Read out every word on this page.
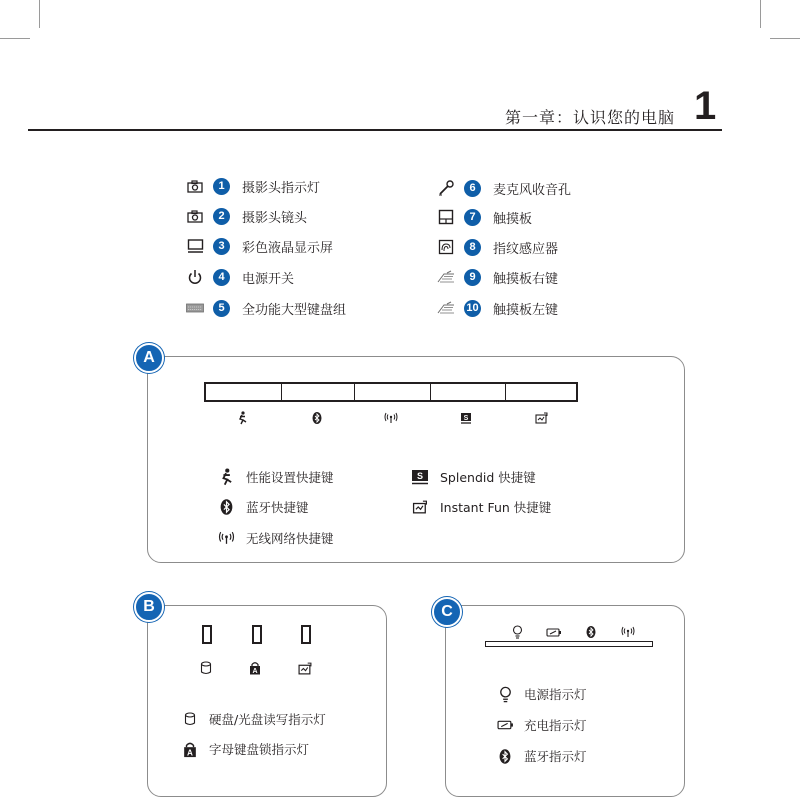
第一章：认识您的电脑 1
1	摄影头指示灯
2	摄影头镜头
3	彩色液晶显示屏
4	电源开关
5	全功能大型键盘组
6	麦克风收音孔
7	触摸板
8	指纹感应器
9	触摸板右键
10 触摸板左键
A
S
性能设置快捷键
蓝牙快捷键
无线网络快捷键
S Splendid 快捷键
Instant Fun 快捷键
B
A
硬盘/光盘读写指示灯
A 字母键盘锁指示灯
C
电源指示灯
充电指示灯
蓝牙指示灯
